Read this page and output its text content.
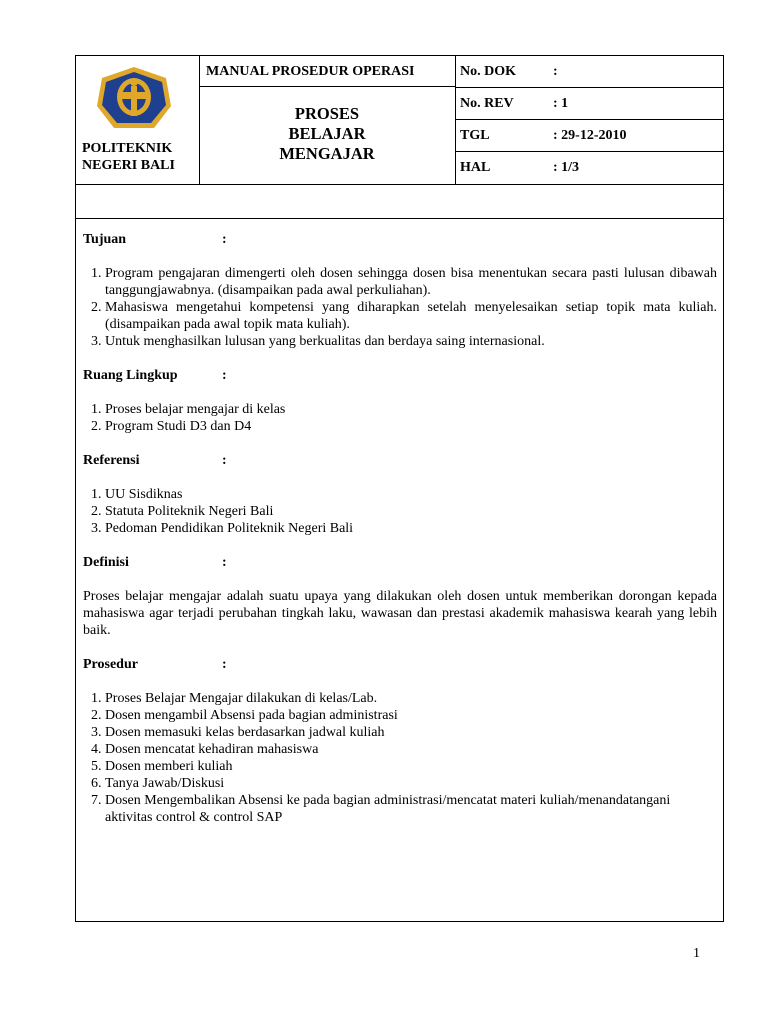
POLITEKNIK NEGERI BALI
MANUAL PROSEDUR OPERASI
PROSES BELAJAR MENGAJAR
No. DOK	:
No. REV	: 1
TGL	: 29-12-2010
HAL	: 1/3
Tujuan	:
1. Program pengajaran dimengerti oleh dosen sehingga dosen bisa menentukan secara pasti lulusan dibawah tanggungjawabnya. (disampaikan pada awal perkuliahan).
2. Mahasiswa mengetahui kompetensi yang diharapkan setelah menyelesaikan setiap topik mata kuliah. (disampaikan pada awal topik mata kuliah).
3. Untuk menghasilkan lulusan yang berkualitas dan berdaya saing internasional.
Ruang Lingkup	:
1. Proses belajar mengajar di kelas
2. Program Studi D3 dan D4
Referensi	:
1. UU Sisdiknas
2. Statuta Politeknik Negeri Bali
3. Pedoman Pendidikan Politeknik Negeri Bali
Definisi	:
Proses belajar mengajar adalah suatu upaya yang dilakukan oleh dosen untuk memberikan dorongan kepada mahasiswa agar terjadi perubahan tingkah laku, wawasan dan prestasi akademik mahasiswa kearah yang lebih baik.
Prosedur	:
1. Proses Belajar Mengajar dilakukan di kelas/Lab.
2. Dosen mengambil Absensi pada bagian administrasi
3. Dosen memasuki kelas berdasarkan jadwal kuliah
4. Dosen mencatat kehadiran mahasiswa
5. Dosen memberi kuliah
6. Tanya Jawab/Diskusi
7. Dosen Mengembalikan Absensi ke pada bagian administrasi/mencatat materi kuliah/menandatangani aktivitas control & control SAP
1
